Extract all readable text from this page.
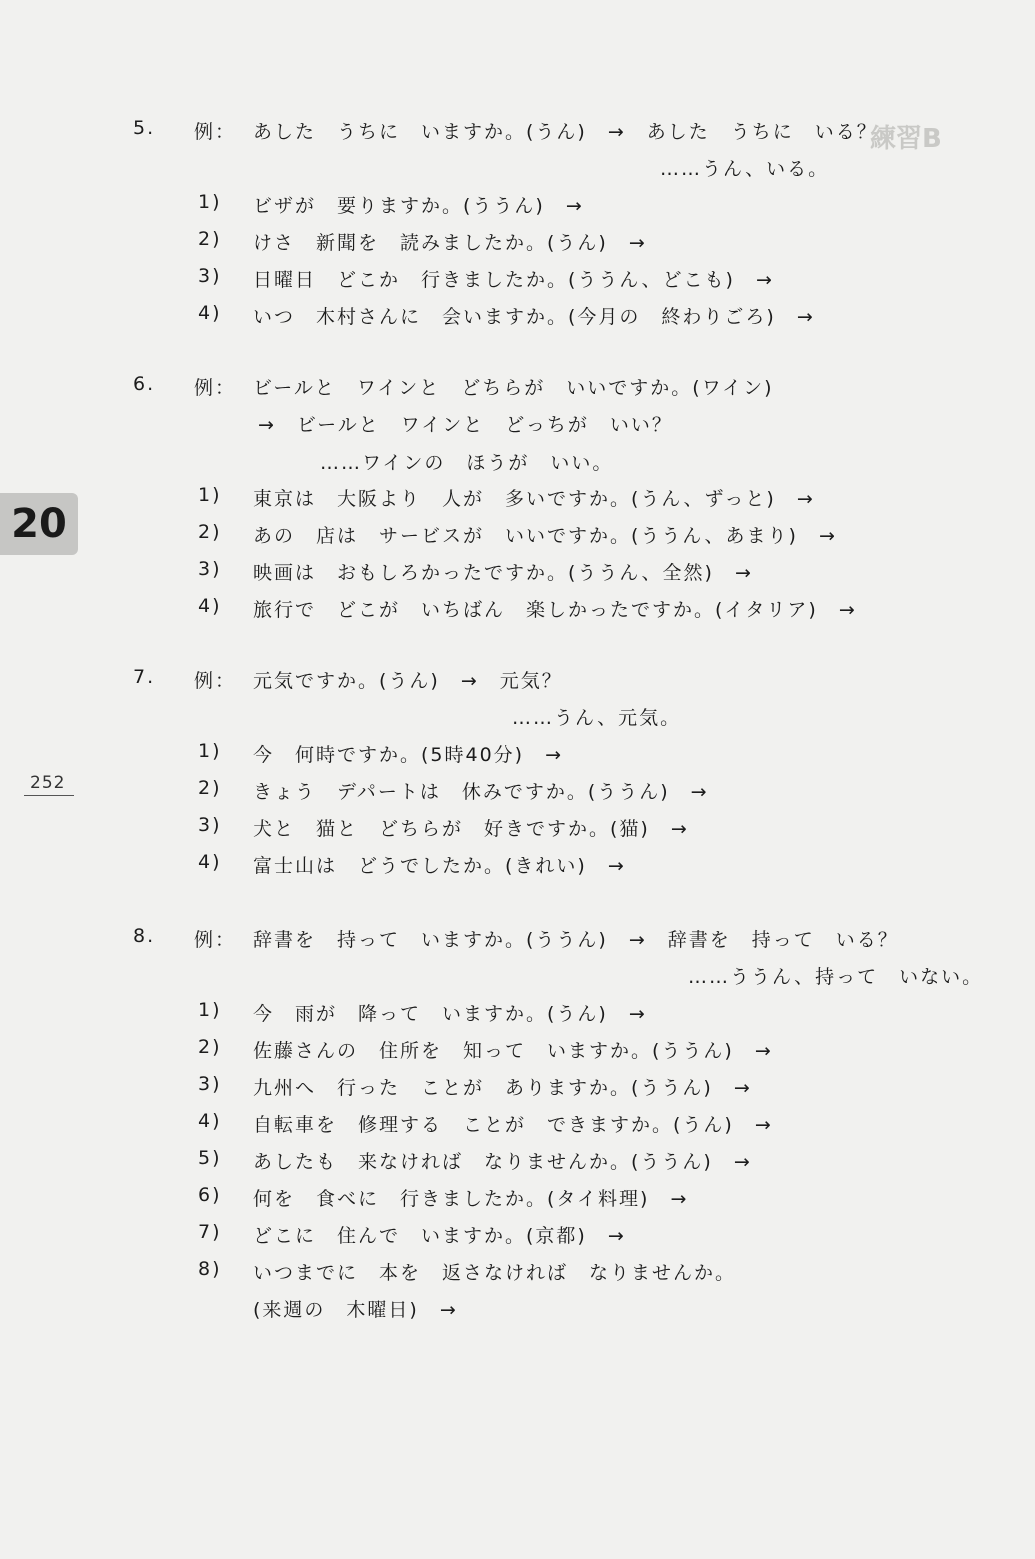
練習B
20
252

5.

例：

あした　うちに　いますか。(うん)　→　あした　うちに　いる？

……うん、いる。

1)

ビザが　要りますか。(ううん)　→

2)

けさ　新聞を　読みましたか。(うん)　→

3)

日曜日　どこか　行きましたか。(ううん、どこも)　→

4)

いつ　木村さんに　会いますか。(今月の　終わりごろ)　→

6.

例：

ビールと　ワインと　どちらが　いいですか。(ワイン)

→　ビールと　ワインと　どっちが　いい？

……ワインの　ほうが　いい。

1)

東京は　大阪より　人が　多いですか。(うん、ずっと)　→

2)

あの　店は　サービスが　いいですか。(ううん、あまり)　→

3)

映画は　おもしろかったですか。(ううん、全然)　→

4)

旅行で　どこが　いちばん　楽しかったですか。(イタリア)　→

7.

例：

元気ですか。(うん)　→　元気？

……うん、元気。

1)

今　何時ですか。(5時40分)　→

2)

きょう　デパートは　休みですか。(ううん)　→

3)

犬と　猫と　どちらが　好きですか。(猫)　→

4)

富士山は　どうでしたか。(きれい)　→

8.

例：

辞書を　持って　いますか。(ううん)　→　辞書を　持って　いる？

……ううん、持って　いない。

1)

今　雨が　降って　いますか。(うん)　→

2)

佐藤さんの　住所を　知って　いますか。(ううん)　→

3)

九州へ　行った　ことが　ありますか。(ううん)　→

4)

自転車を　修理する　ことが　できますか。(うん)　→

5)

あしたも　来なければ　なりませんか。(ううん)　→

6)

何を　食べに　行きましたか。(タイ料理)　→

7)

どこに　住んで　いますか。(京都)　→

8)

いつまでに　本を　返さなければ　なりませんか。

(来週の　木曜日)　→
